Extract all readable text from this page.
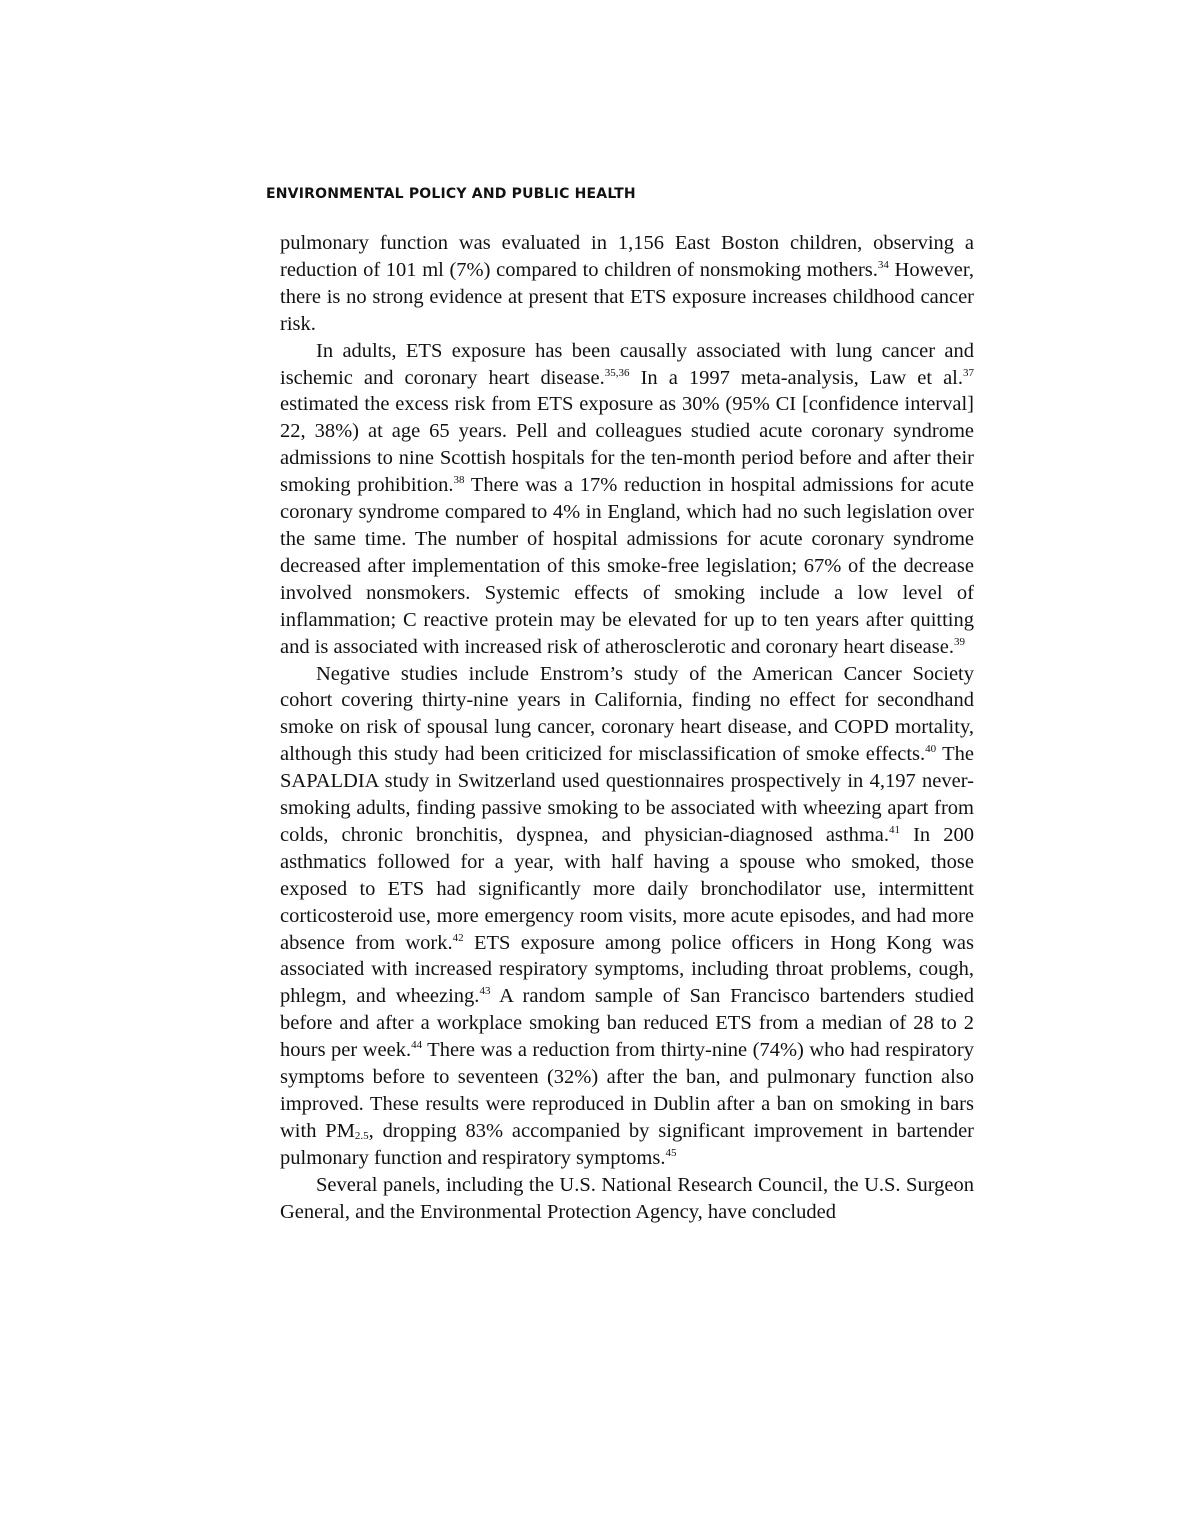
ENVIRONMENTAL POLICY AND PUBLIC HEALTH

pulmonary function was evaluated in 1,156 East Boston children, observing a reduction of 101 ml (7%) compared to children of nonsmoking mothers.$^{34}$ However, there is no strong evidence at present that ETS exposure increases childhood cancer risk.

In adults, ETS exposure has been causally associated with lung cancer and ischemic and coronary heart disease.$^{35,36}$ In a 1997 meta-analysis, Law et al.$^{37}$ estimated the excess risk from ETS exposure as 30% (95% CI [confidence interval] 22, 38%) at age 65 years. Pell and colleagues studied acute coronary syndrome admissions to nine Scottish hospitals for the ten-month period before and after their smoking prohibition.$^{38}$ There was a 17% reduction in hospital admissions for acute coronary syndrome compared to 4% in England, which had no such legislation over the same time. The number of hospital admissions for acute coronary syndrome decreased after implementation of this smoke-free legislation; 67% of the decrease involved nonsmokers. Systemic effects of smoking include a low level of inflammation; C reactive protein may be elevated for up to ten years after quitting and is associated with increased risk of atherosclerotic and coronary heart disease.$^{39}$

Negative studies include Enstrom’s study of the American Cancer Society cohort covering thirty-nine years in California, finding no effect for secondhand smoke on risk of spousal lung cancer, coronary heart disease, and COPD mortality, although this study had been criticized for misclassification of smoke effects.$^{40}$ The SAPALDIA study in Switzerland used questionnaires prospectively in 4,197 never-smoking adults, finding passive smoking to be associated with wheezing apart from colds, chronic bronchitis, dyspnea, and physician-diagnosed asthma.$^{41}$ In 200 asthmatics followed for a year, with half having a spouse who smoked, those exposed to ETS had significantly more daily bronchodilator use, intermittent corticosteroid use, more emergency room visits, more acute episodes, and had more absence from work.$^{42}$ ETS exposure among police officers in Hong Kong was associated with increased respiratory symptoms, including throat problems, cough, phlegm, and wheezing.$^{43}$ A random sample of San Francisco bartenders studied before and after a workplace smoking ban reduced ETS from a median of 28 to 2 hours per week.$^{44}$ There was a reduction from thirty-nine (74%) who had respiratory symptoms before to seventeen (32%) after the ban, and pulmonary function also improved. These results were reproduced in Dublin after a ban on smoking in bars with $PM_{2.5}$, dropping 83% accompanied by significant improvement in bartender pulmonary function and respiratory symptoms.$^{45}$

Several panels, including the U.S. National Research Council, the U.S. Surgeon General, and the Environmental Protection Agency, have concluded
